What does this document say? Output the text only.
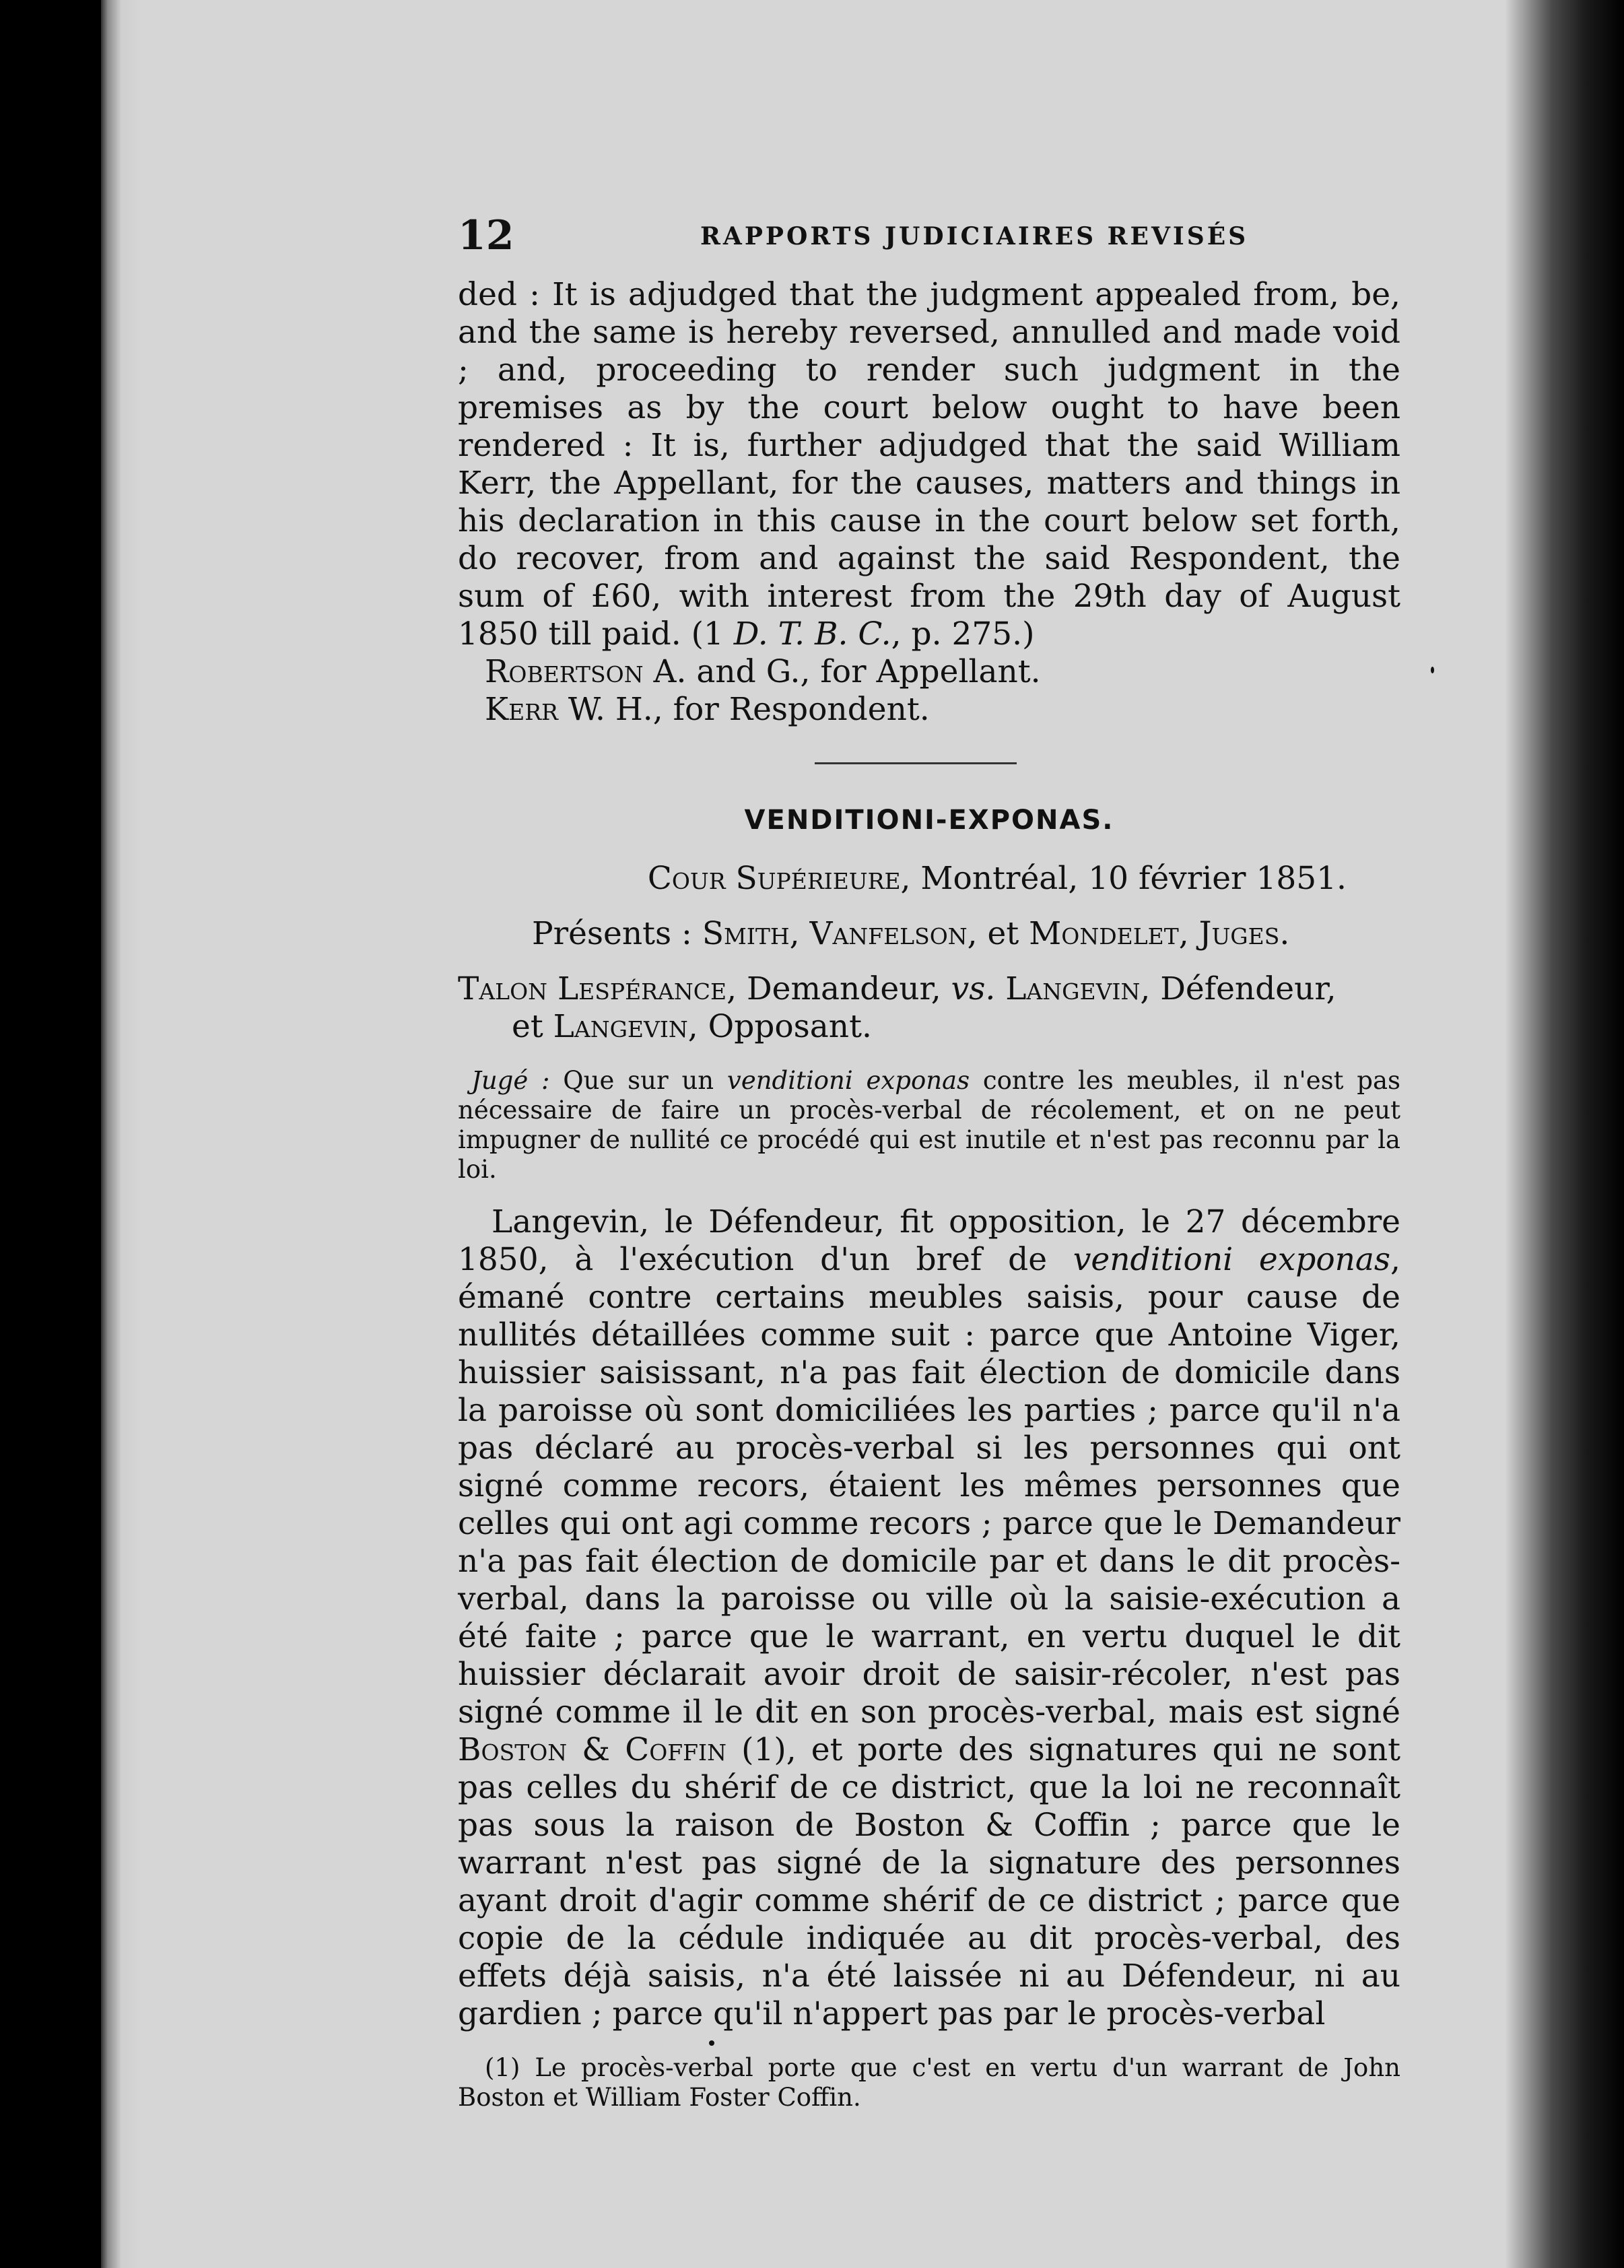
12	RAPPORTS JUDICIAIRES REVISÉS

ded : It is adjudged that the judgment appealed from, be, and the same is hereby reversed, annulled and made void ; and, proceeding to render such judgment in the premises as by the court below ought to have been rendered : It is, further adjudged that the said William Kerr, the Appellant, for the causes, matters and things in his declaration in this cause in the court below set forth, do recover, from and against the said Respondent, the sum of £60, with interest from the 29th day of August 1850 till paid. (1 D. T. B. C., p. 275.)

Robertson A. and G., for Appellant.

Kerr W. H., for Respondent.

VENDITIONI-EXPONAS.

Cour Supérieure, Montréal, 10 février 1851.

Présents : Smith, Vanfelson, et Mondelet, Juges.

Talon Lespérance, Demandeur, vs. Langevin, Défendeur,
et Langevin, Opposant.

Jugé : Que sur un venditioni exponas contre les meubles, il n'est pas nécessaire de faire un procès-verbal de récolement, et on ne peut impugner de nullité ce procédé qui est inutile et n'est pas reconnu par la loi.

Langevin, le Défendeur, fit opposition, le 27 décembre 1850, à l'exécution d'un bref de venditioni exponas, émané contre certains meubles saisis, pour cause de nullités détaillées comme suit : parce que Antoine Viger, huissier saisissant, n'a pas fait élection de domicile dans la paroisse où sont domiciliées les parties ; parce qu'il n'a pas déclaré au procès-verbal si les personnes qui ont signé comme recors, étaient les mêmes personnes que celles qui ont agi comme recors ; parce que le Demandeur n'a pas fait élection de domicile par et dans le dit procès-verbal, dans la paroisse ou ville où la saisie-exécution a été faite ; parce que le warrant, en vertu duquel le dit huissier déclarait avoir droit de saisir-récoler, n'est pas signé comme il le dit en son procès-verbal, mais est signé Boston & Coffin (1), et porte des signatures qui ne sont pas celles du shérif de ce district, que la loi ne reconnaît pas sous la raison de Boston & Coffin ; parce que le warrant n'est pas signé de la signature des personnes ayant droit d'agir comme shérif de ce district ; parce que copie de la cédule indiquée au dit procès-verbal, des effets déjà saisis, n'a été laissée ni au Défendeur, ni au gardien ; parce qu'il n'appert pas par le procès-verbal

(1) Le procès-verbal porte que c'est en vertu d'un warrant de John Boston et William Foster Coffin.
